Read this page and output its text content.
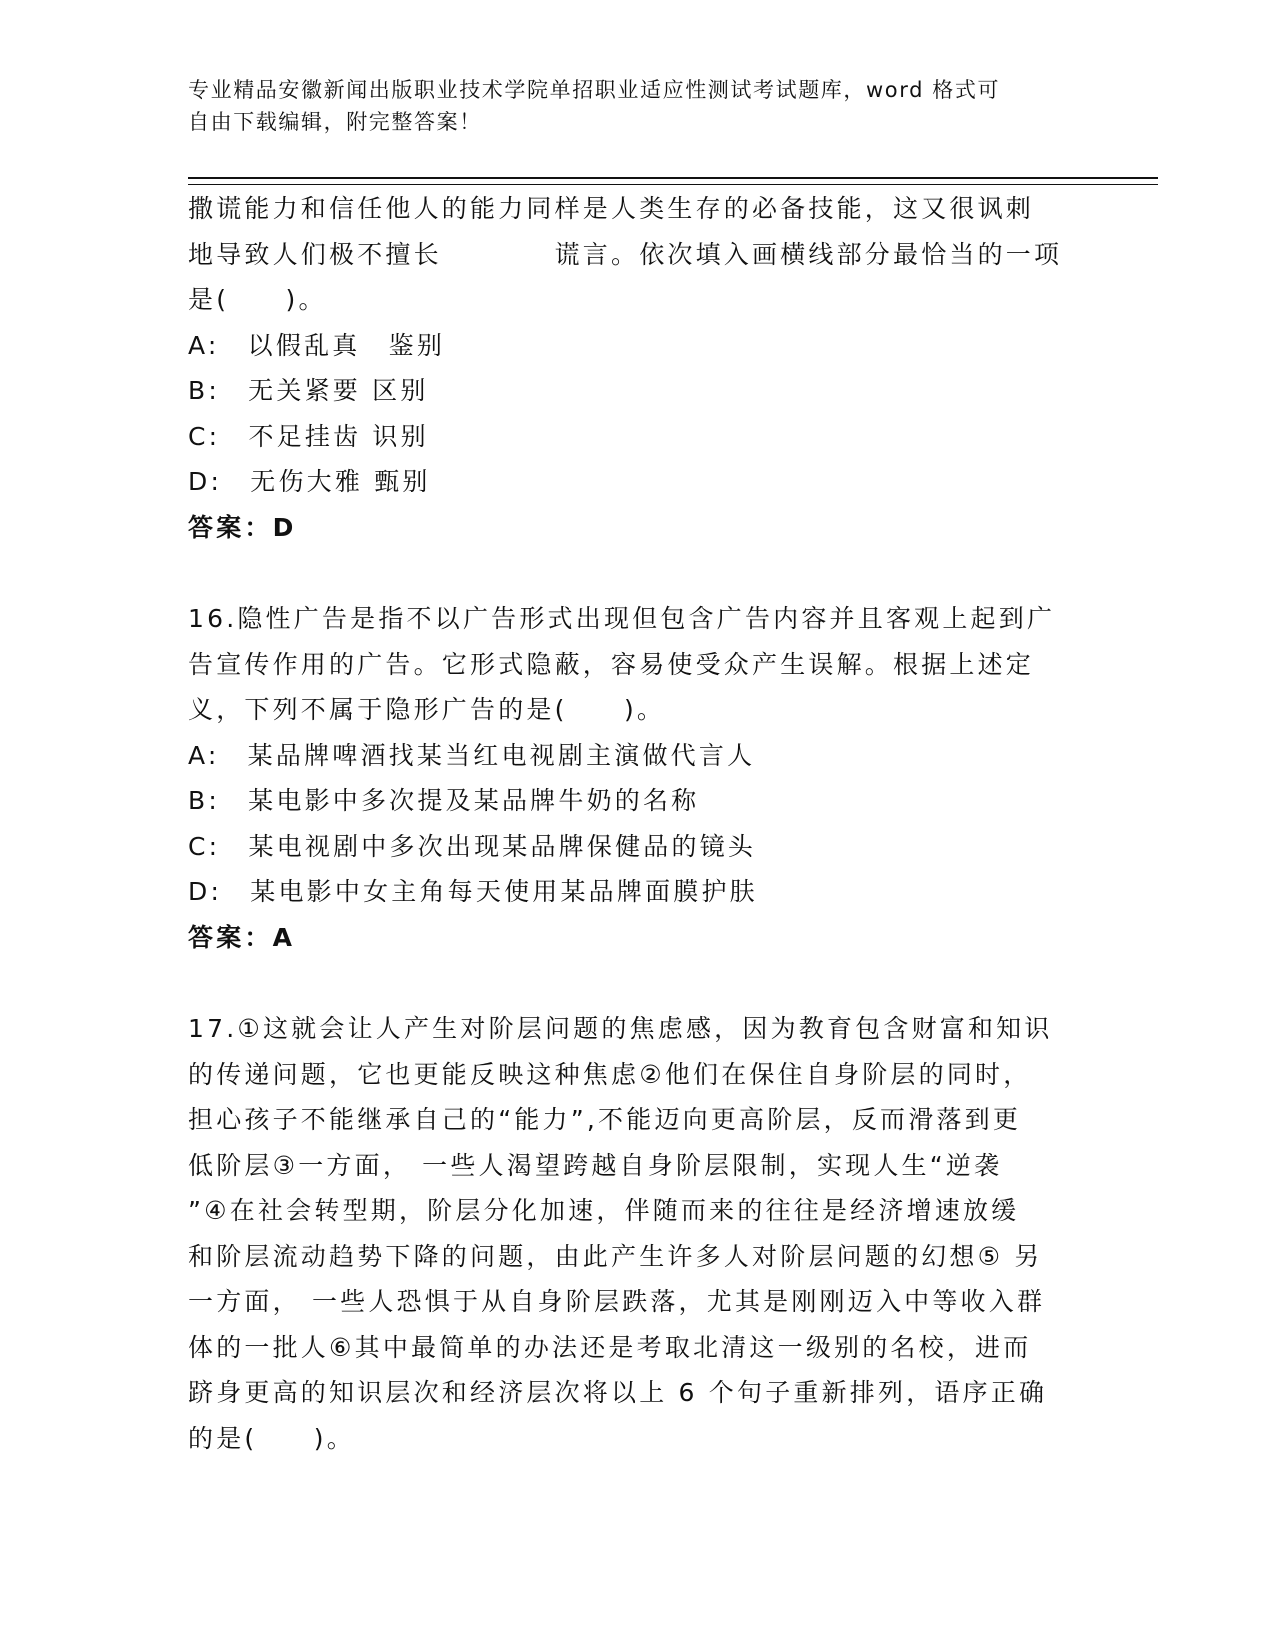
专业精品安徽新闻出版职业技术学院单招职业适应性测试考试题库，word 格式可
自由下载编辑，附完整答案！

撒谎能力和信任他人的能力同样是人类生存的必备技能，这又很讽刺

地导致人们极不擅长　　　　谎言。依次填入画横线部分最恰当的一项

是(　　)。

A:　以假乱真　鉴别

B:　无关紧要 区别

C:　不足挂齿 识别

D:　无伤大雅 甄别

答案：D

16.隐性广告是指不以广告形式出现但包含广告内容并且客观上起到广

告宣传作用的广告。它形式隐蔽，容易使受众产生误解。根据上述定

义，下列不属于隐形广告的是(　　)。

A:　某品牌啤酒找某当红电视剧主演做代言人

B:　某电影中多次提及某品牌牛奶的名称

C:　某电视剧中多次出现某品牌保健品的镜头

D:　某电影中女主角每天使用某品牌面膜护肤

答案：A

17.①这就会让人产生对阶层问题的焦虑感，因为教育包含财富和知识

的传递问题，它也更能反映这种焦虑②他们在保住自身阶层的同时，

担心孩子不能继承自己的“能力”,不能迈向更高阶层，反而滑落到更

低阶层③一方面， 一些人渴望跨越自身阶层限制，实现人生“逆袭

”④在社会转型期，阶层分化加速，伴随而来的往往是经济增速放缓

和阶层流动趋势下降的问题，由此产生许多人对阶层问题的幻想⑤ 另

一方面， 一些人恐惧于从自身阶层跌落，尤其是刚刚迈入中等收入群

体的一批人⑥其中最简单的办法还是考取北清这一级别的名校，进而

跻身更高的知识层次和经济层次将以上 6 个句子重新排列，语序正确

的是(　　)。
